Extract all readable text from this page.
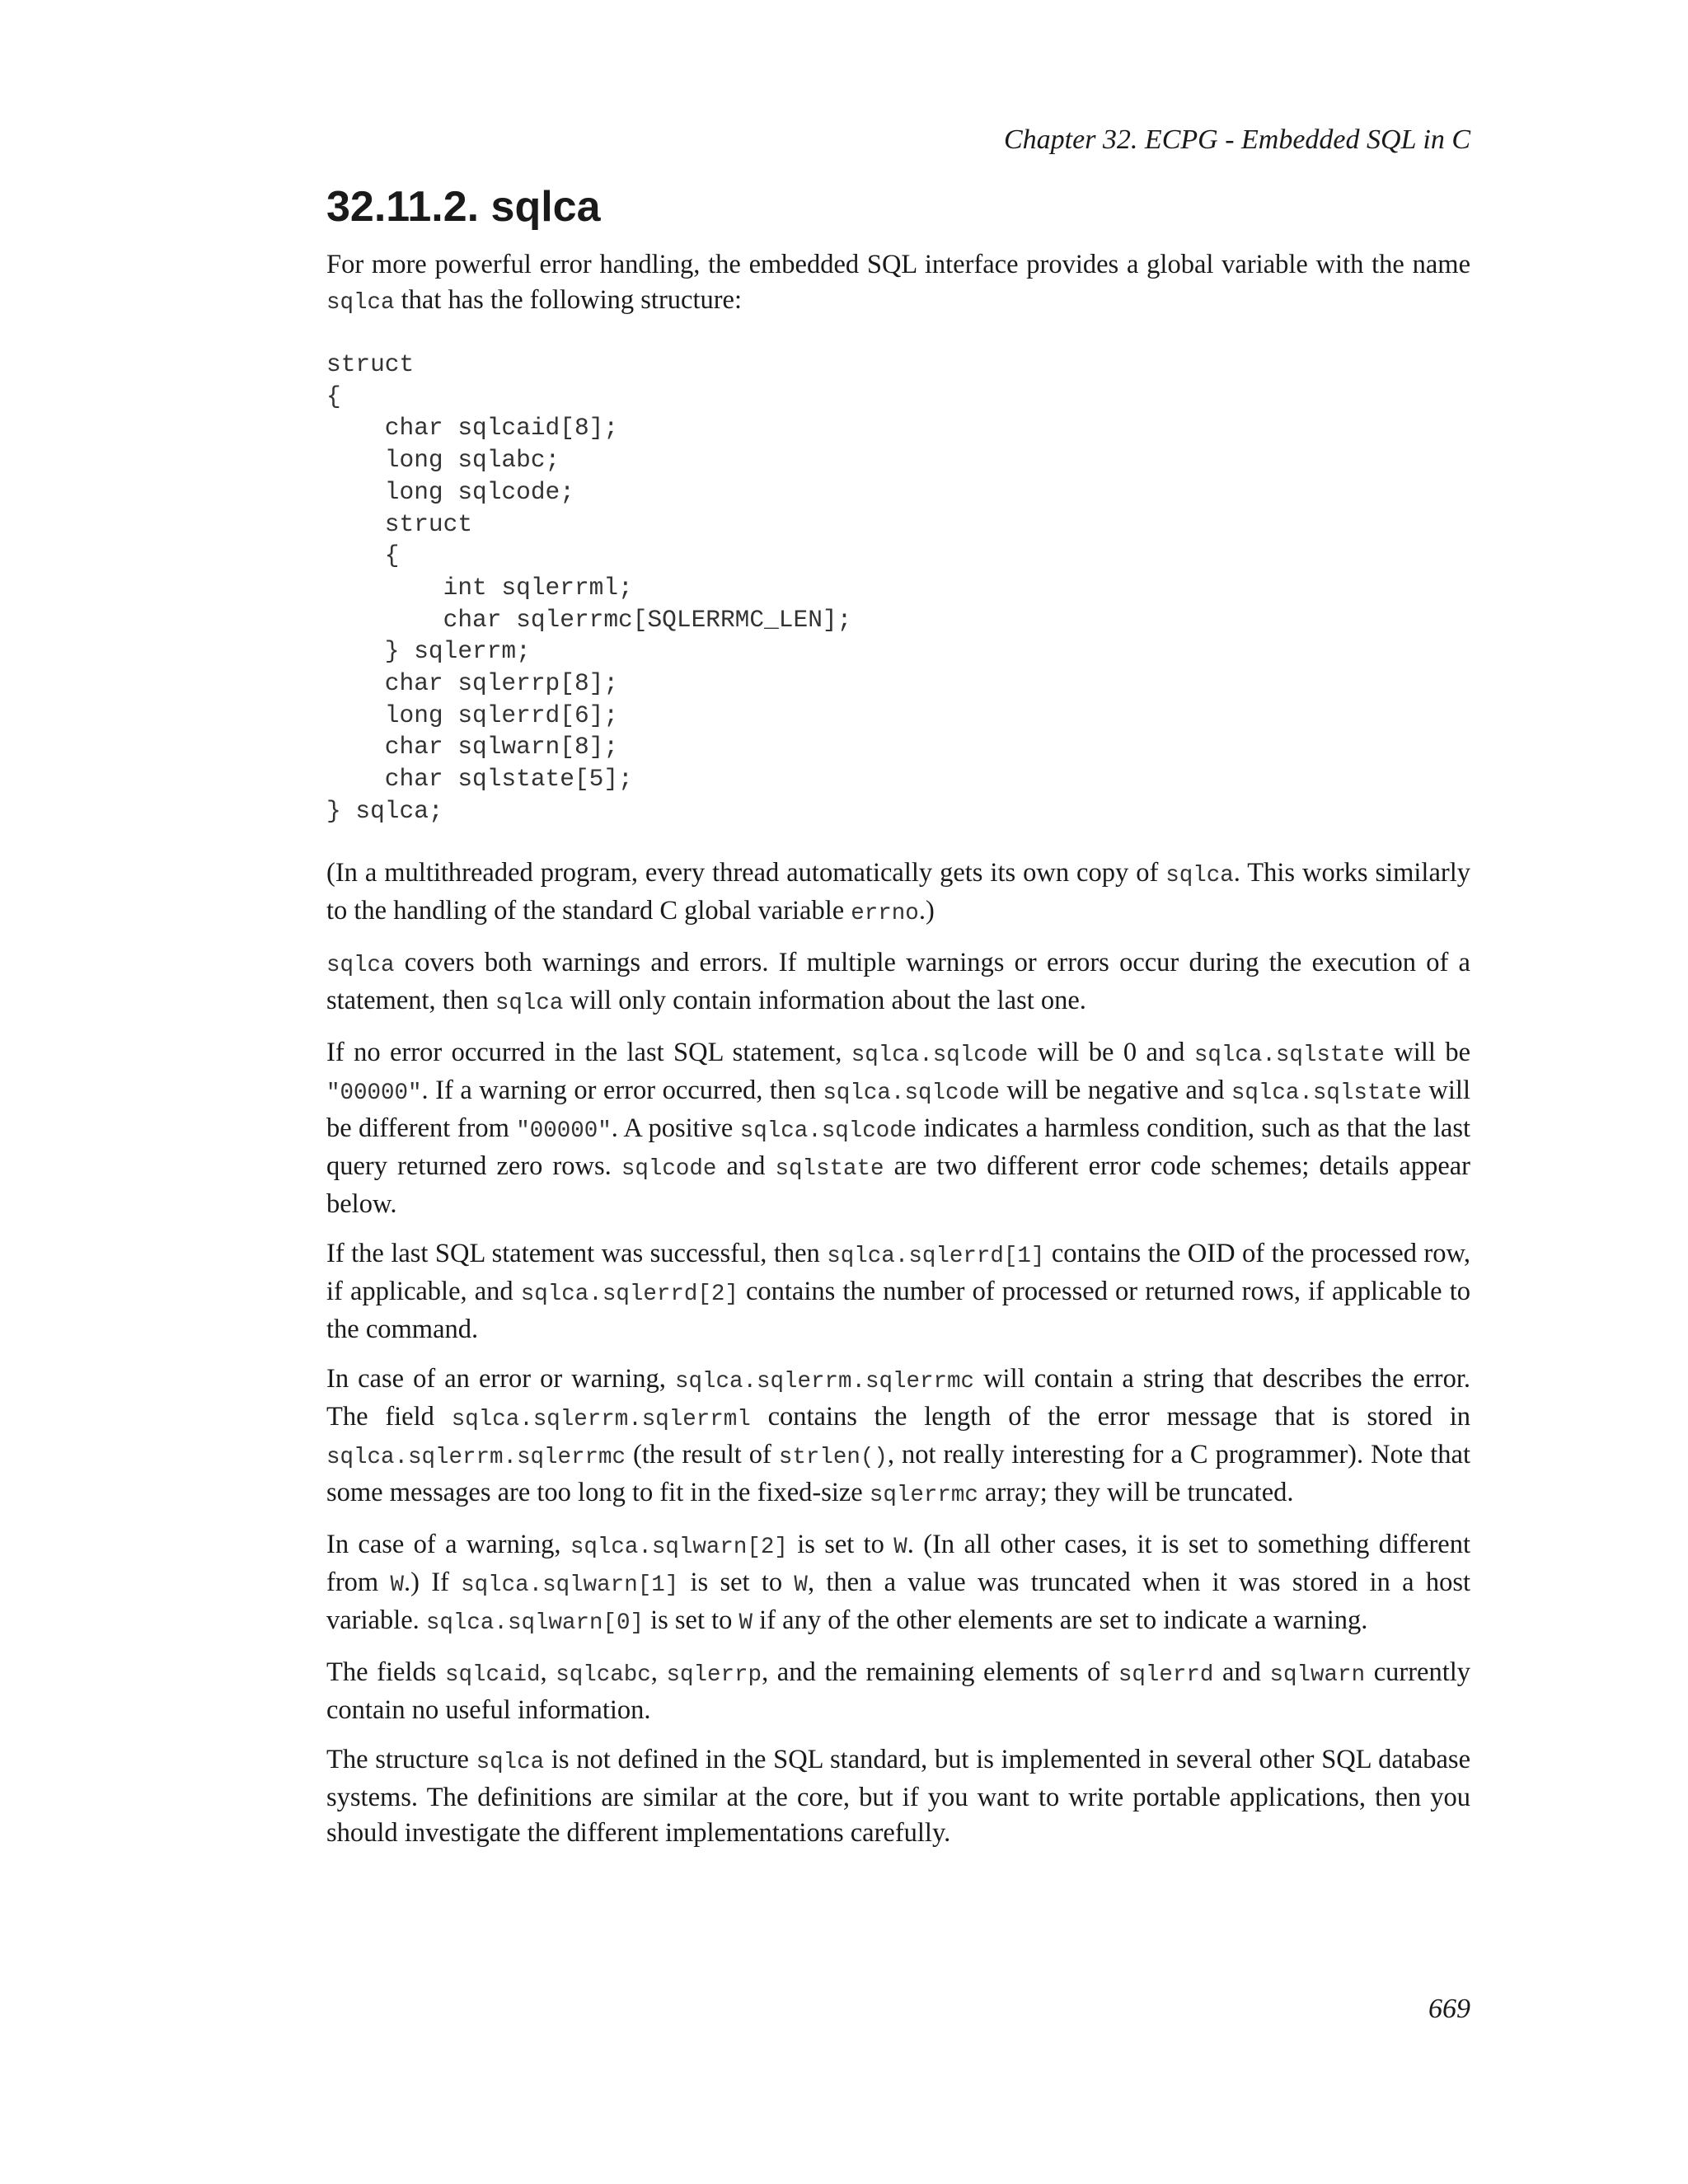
Chapter 32. ECPG - Embedded SQL in C
32.11.2. sqlca

For more powerful error handling, the embedded SQL interface provides a global variable with the name sqlca that has the following structure:

struct
{
char sqlcaid[8];
long sqlabc;
long sqlcode;
struct
{
int sqlerrml;
char sqlerrmc[SQLERRMC_LEN];
} sqlerrm;
char sqlerrp[8];
long sqlerrd[6];
char sqlwarn[8];
char sqlstate[5];
} sqlca;

(In a multithreaded program, every thread automatically gets its own copy of sqlca. This works similarly to the handling of the standard C global variable errno.)

sqlca covers both warnings and errors. If multiple warnings or errors occur during the execution of a statement, then sqlca will only contain information about the last one.

If no error occurred in the last SQL statement, sqlca.sqlcode will be 0 and sqlca.sqlstate will be "00000". If a warning or error occurred, then sqlca.sqlcode will be negative and sqlca.sqlstate will be different from "00000". A positive sqlca.sqlcode indicates a harmless condition, such as that the last query returned zero rows. sqlcode and sqlstate are two different error code schemes; details appear below.

If the last SQL statement was successful, then sqlca.sqlerrd[1] contains the OID of the processed row, if applicable, and sqlca.sqlerrd[2] contains the number of processed or returned rows, if applicable to the command.

In case of an error or warning, sqlca.sqlerrm.sqlerrmc will contain a string that describes the error. The field sqlca.sqlerrm.sqlerrml contains the length of the error message that is stored in sqlca.sqlerrm.sqlerrmc (the result of strlen(), not really interesting for a C programmer). Note that some messages are too long to fit in the fixed-size sqlerrmc array; they will be truncated.

In case of a warning, sqlca.sqlwarn[2] is set to W. (In all other cases, it is set to something different from W.) If sqlca.sqlwarn[1] is set to W, then a value was truncated when it was stored in a host variable. sqlca.sqlwarn[0] is set to W if any of the other elements are set to indicate a warning.

The fields sqlcaid, sqlcabc, sqlerrp, and the remaining elements of sqlerrd and sqlwarn currently contain no useful information.

The structure sqlca is not defined in the SQL standard, but is implemented in several other SQL database systems. The definitions are similar at the core, but if you want to write portable applications, then you should investigate the different implementations carefully.

669
